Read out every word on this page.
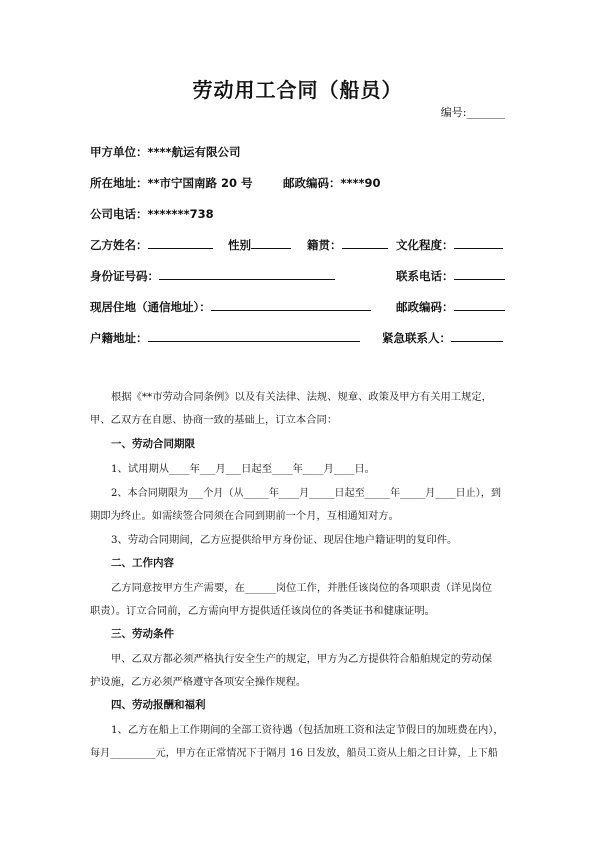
劳动用工合同（船员）
编号:_______
甲方单位：****航运有限公司
所在地址：**市宁国南路 20 号	邮政编码：****90
公司电话：*******738
乙方姓名：	性别	籍贯：	文化程度：
身份证号码：	联系电话：
现居住地（通信地址）：	邮政编码：
户籍地址：	紧急联系人：
根据《**市劳动合同条例》以及有关法律、法规、规章、政策及甲方有关用工规定，
甲、乙双方在自愿、协商一致的基础上，订立本合同：
一、劳动合同期限
1、试用期从____年___月___日起至____年____月____日。
2、本合同期限为___个月（从_____年____月_____日起至_____年_____月____日止），到
期即为终止。如需续签合同须在合同到期前一个月，互相通知对方。
3、劳动合同期间，乙方应提供给甲方身份证、现居住地户籍证明的复印件。
二、工作内容
乙方同意按甲方生产需要，在______岗位工作，并胜任该岗位的各项职责（详见岗位
职责）。订立合同前，乙方需向甲方提供适任该岗位的各类证书和健康证明。
三、劳动条件
甲、乙双方都必须严格执行安全生产的规定，甲方为乙方提供符合船舶规定的劳动保
护设施，乙方必须严格遵守各项安全操作规程。
四、劳动报酬和福利
1、乙方在船上工作期间的全部工资待遇（包括加班工资和法定节假日的加班费在内），
每月_________元，甲方在正常情况下于隔月 16 日发放，船员工资从上船之日计算，上下船
